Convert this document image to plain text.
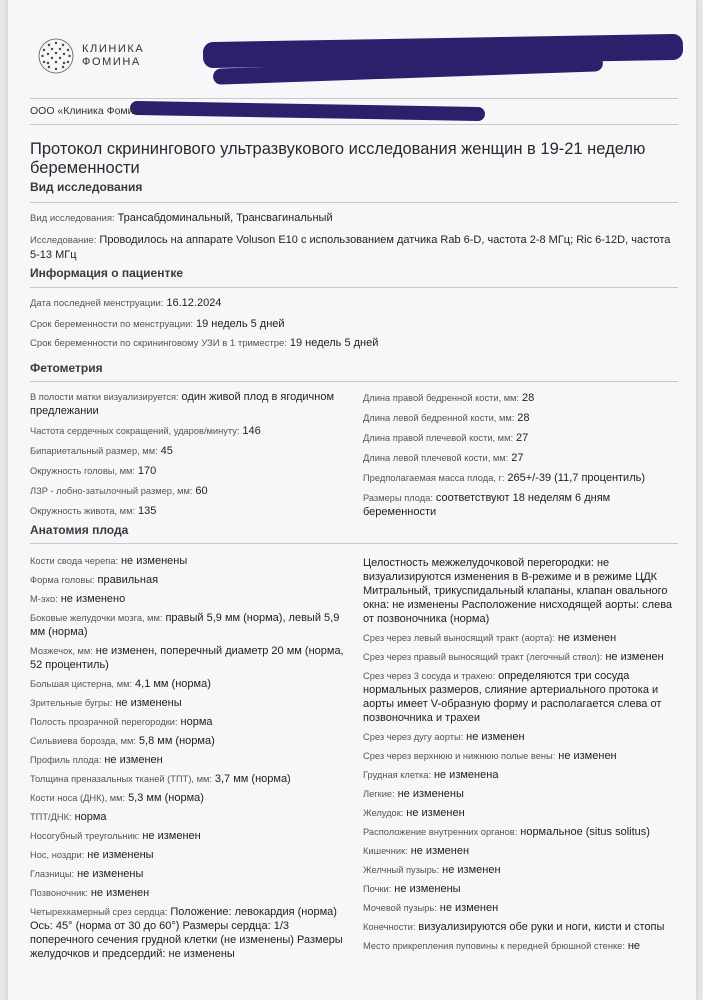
КЛИНИКА
ФОМИНА
ООО «Клиника Фоми
Протокол скринингового ультразвукового исследования женщин в 19-21 неделю беременности
Вид исследования
Вид исследования: Трансабдоминальный, Трансвагинальный
Исследование: Проводилось на аппарате Voluson E10 с использованием датчика Rab 6-D, частота 2-8 МГц; Ric 6-12D, частота 5-13 МГц
Информация о пациентке
Дата последней менструации: 16.12.2024
Срок беременности по менструации: 19 недель 5 дней
Срок беременности по скрининговому УЗИ в 1 триместре: 19 недель 5 дней
Фетометрия
В полости матки визуализируется: один живой плод в ягодичном предлежании
Частота сердечных сокращений, ударов/минуту: 146
Бипариетальный размер, мм: 45
Окружность головы, мм: 170
ЛЗР - лобно-затылочный размер, мм: 60
Окружность живота, мм: 135
Длина правой бедренной кости, мм: 28
Длина левой бедренной кости, мм: 28
Длина правой плечевой кости, мм: 27
Длина левой плечевой кости, мм: 27
Предполагаемая масса плода, г: 265+/-39 (11,7 процентиль)
Размеры плода: соответствуют 18 неделям 6 дням беременности
Анатомия плода
Кости свода черепа: не изменены
Форма головы: правильная
М-эхо: не изменено
Боковые желудочки мозга, мм: правый 5,9 мм (норма), левый 5,9 мм (норма)
Мозжечок, мм: не изменен, поперечный диаметр 20 мм (норма, 52 процентиль)
Большая цистерна, мм: 4,1 мм (норма)
Зрительные бугры: не изменены
Полость прозрачной перегородки: норма
Сильвиева борозда, мм: 5,8 мм (норма)
Профиль плода: не изменен
Толщина преназальных тканей (ТПТ), мм: 3,7 мм (норма)
Кости носа (ДНК), мм: 5,3 мм (норма)
ТПТ/ДНК: норма
Носогубный треугольник: не изменен
Нос, ноздри: не изменены
Глазницы: не изменены
Позвоночник: не изменен
Четырехкамерный срез сердца: Положение: левокардия (норма) Ось: 45° (норма от 30 до 60°) Размеры сердца: 1/3 поперечного сечения грудной клетки (не изменены) Размеры желудочков и предсердий: не изменены
Целостность межжелудочковой перегородки: не визуализируются изменения в В-режиме и в режиме ЦДК Митральный, трикуспидальный клапаны, клапан овального окна: не изменены Расположение нисходящей аорты: слева от позвоночника (норма)
Срез через левый выносящий тракт (аорта): не изменен
Срез через правый выносящий тракт (легочный ствол): не изменен
Срез через 3 сосуда и трахею: определяются три сосуда нормальных размеров, слияние артериального протока и аорты имеет V-образную форму и располагается слева от позвоночника и трахеи
Срез через дугу аорты: не изменен
Срез через верхнюю и нижнюю полые вены: не изменен
Грудная клетка: не изменена
Легкие: не изменены
Желудок: не изменен
Расположение внутренних органов: нормальное (situs solitus)
Кишечник: не изменен
Желчный пузырь: не изменен
Почки: не изменены
Мочевой пузырь: не изменен
Конечности: визуализируются обе руки и ноги, кисти и стопы
Место прикрепления пуповины к передней брюшной стенке: не
